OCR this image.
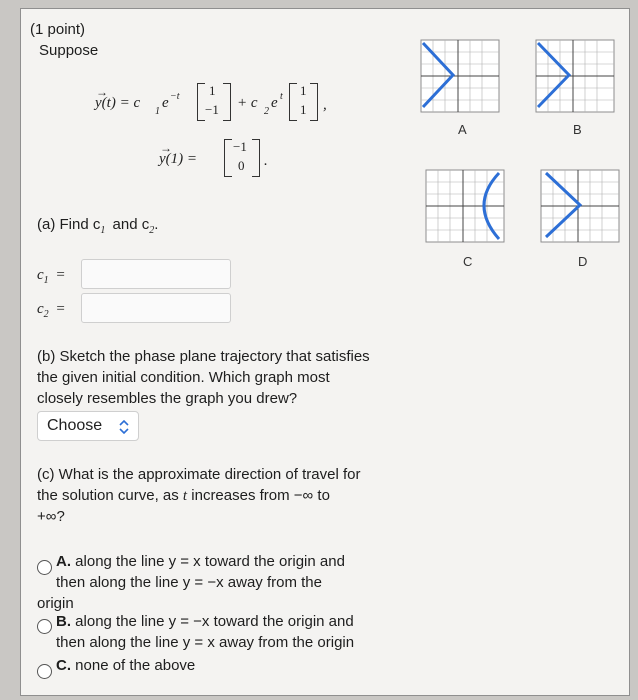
(1 point)
Suppose
→
y(t) = c
1
e −t 1
−1 + c
2
e t 1
1 ,
→
y(1) =
−1
0 .
(a) Find $c_1$ and $c_2$.
$c_1$ =
$c_2$ =
(b) Sketch the phase plane trajectory that satisfies
the given initial condition. Which graph most
closely resembles the graph you drew?
Choose
(c) What is the approximate direction of travel for
the solution curve, as t increases from −∞ to
+∞?
A. along the line y = x toward the origin and
then along the line y = −x away from the
origin
B. along the line y = −x toward the origin and
then along the line y = x away from the origin
C. none of the above
A	B
C	D
